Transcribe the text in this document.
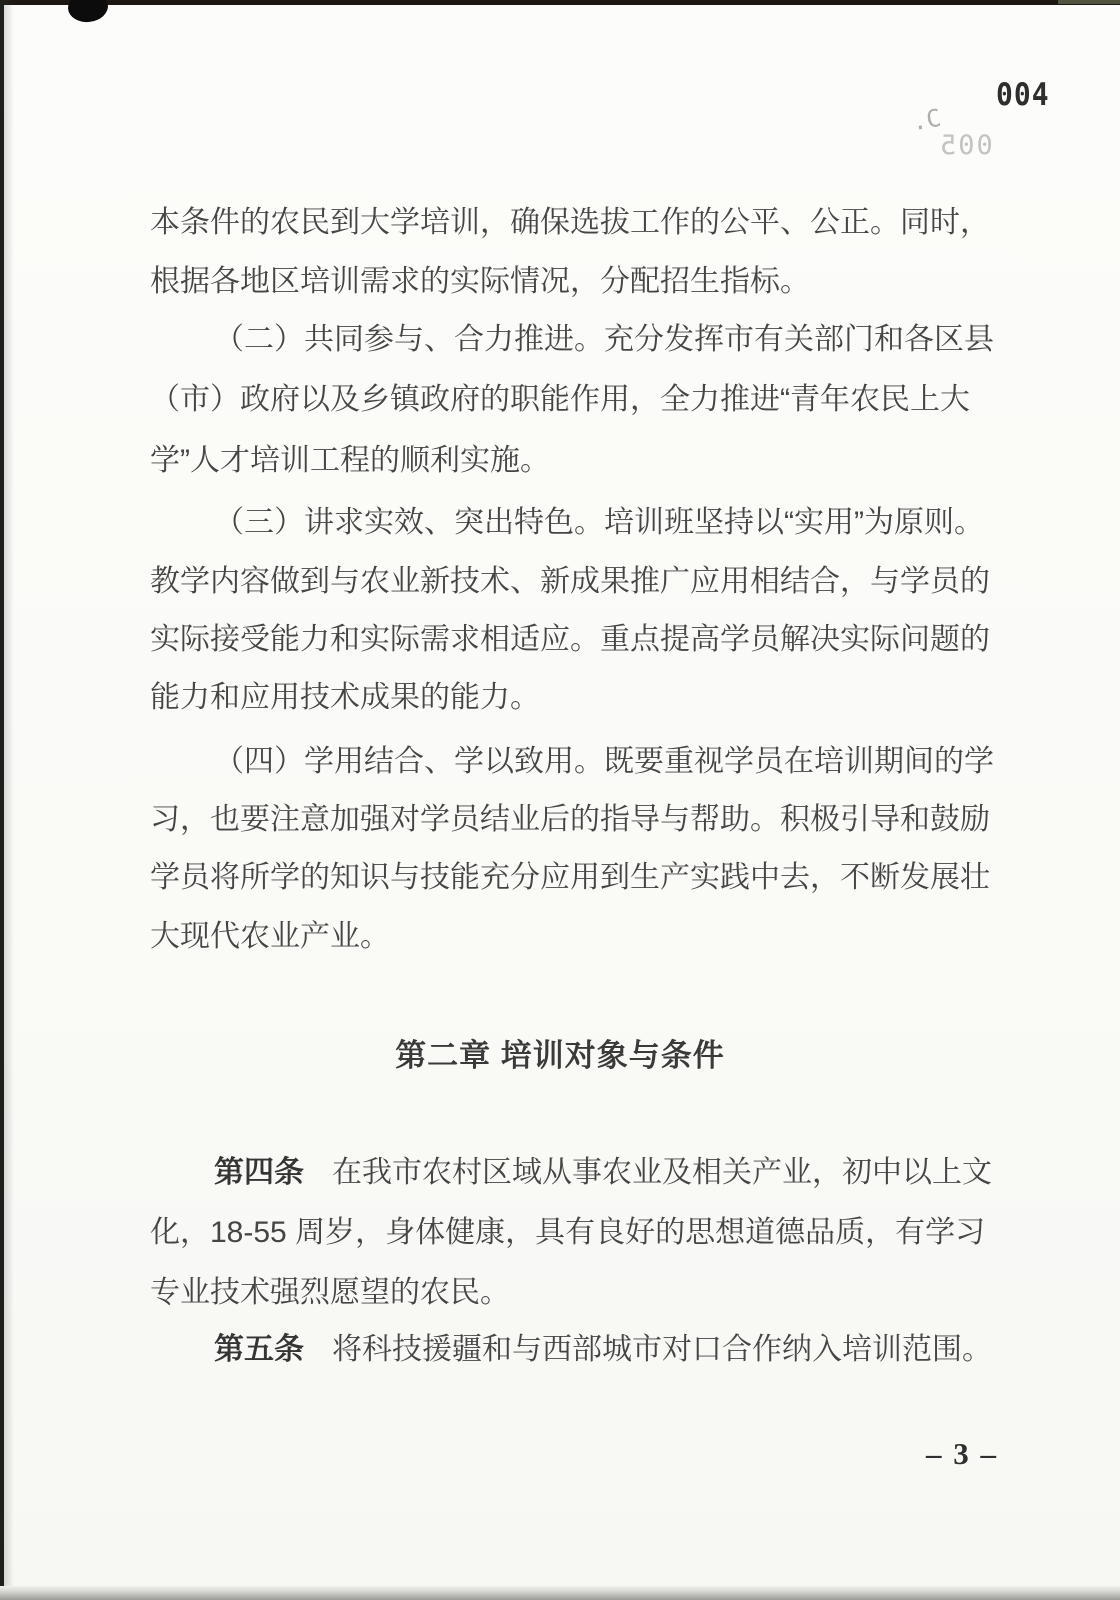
004
.C
005
本条件的农民到大学培训，确保选拔工作的公平、公正。同时，
根据各地区培训需求的实际情况，分配招生指标。
（二）共同参与、合力推进。充分发挥市有关部门和各区县
（市）政府以及乡镇政府的职能作用，全力推进“青年农民上大
学”人才培训工程的顺利实施。
（三）讲求实效、突出特色。培训班坚持以“实用”为原则。
教学内容做到与农业新技术、新成果推广应用相结合，与学员的
实际接受能力和实际需求相适应。重点提高学员解决实际问题的
能力和应用技术成果的能力。
（四）学用结合、学以致用。既要重视学员在培训期间的学
习，也要注意加强对学员结业后的指导与帮助。积极引导和鼓励
学员将所学的知识与技能充分应用到生产实践中去，不断发展壮
大现代农业产业。
第二章 培训对象与条件
第四条 在我市农村区域从事农业及相关产业，初中以上文
化，18-55 周岁，身体健康，具有良好的思想道德品质，有学习
专业技术强烈愿望的农民。
第五条 将科技援疆和与西部城市对口合作纳入培训范围。
– 3 –
